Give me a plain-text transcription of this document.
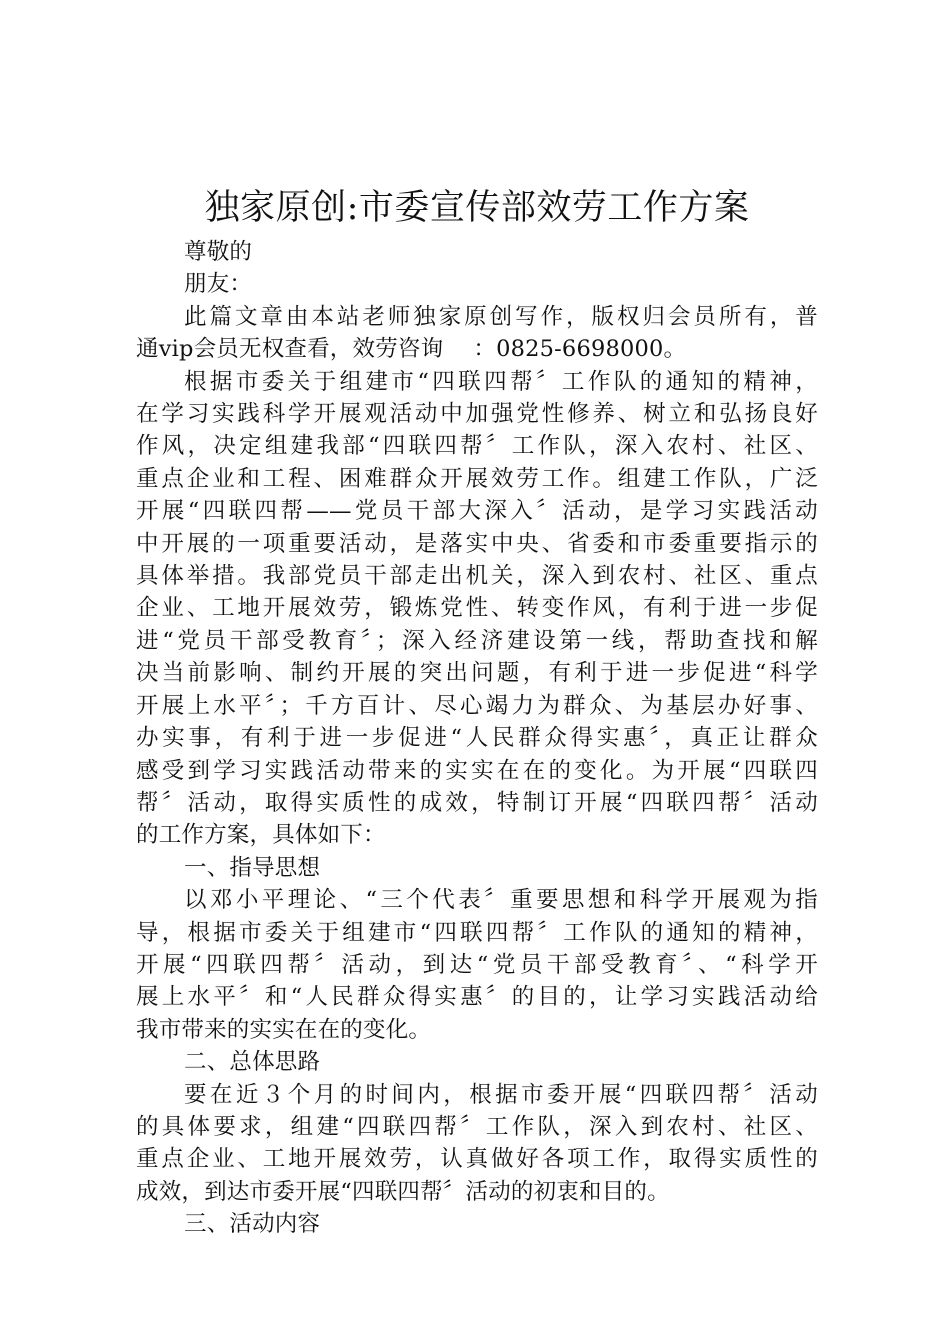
独家原创:市委宣传部效劳工作方案

尊敬的

朋友：

此篇文章由本站老师独家原创写作，版权归会员所有，普

通vip会员无权查看，效劳咨询　 ：0825-6698000。

根据市委关于组建市“四联四帮〞工作队的通知的精神，

在学习实践科学开展观活动中加强党性修养、树立和弘扬良好

作风，决定组建我部“四联四帮〞工作队，深入农村、社区、

重点企业和工程、困难群众开展效劳工作。组建工作队，广泛

开展“四联四帮——党员干部大深入〞活动，是学习实践活动

中开展的一项重要活动，是落实中央、省委和市委重要指示的

具体举措。我部党员干部走出机关，深入到农村、社区、重点

企业、工地开展效劳，锻炼党性、转变作风，有利于进一步促

进“党员干部受教育〞；深入经济建设第一线，帮助查找和解

决当前影响、制约开展的突出问题，有利于进一步促进“科学

开展上水平〞；千方百计、尽心竭力为群众、为基层办好事、

办实事，有利于进一步促进“人民群众得实惠〞，真正让群众

感受到学习实践活动带来的实实在在的变化。为开展“四联四

帮〞活动，取得实质性的成效，特制订开展“四联四帮〞活动

的工作方案，具体如下：

一、指导思想

以邓小平理论、“三个代表〞重要思想和科学开展观为指

导，根据市委关于组建市“四联四帮〞工作队的通知的精神，

开展“四联四帮〞活动，到达“党员干部受教育〞、“科学开

展上水平〞和“人民群众得实惠〞的目的，让学习实践活动给

我市带来的实实在在的变化。

二、总体思路

要在近３个月的时间内，根据市委开展“四联四帮〞活动

的具体要求，组建“四联四帮〞工作队，深入到农村、社区、

重点企业、工地开展效劳，认真做好各项工作，取得实质性的

成效，到达市委开展“四联四帮〞活动的初衷和目的。

三、活动内容
